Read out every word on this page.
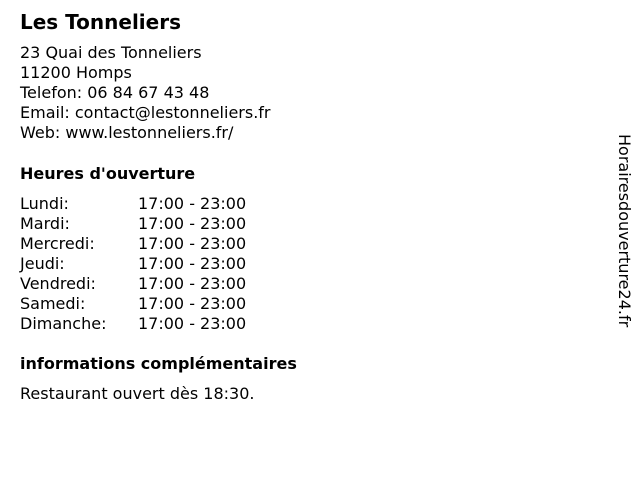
Les Tonneliers
23 Quai des Tonneliers
11200 Homps
Telefon: 06 84 67 43 48
Email: contact@lestonneliers.fr
Web: www.lestonneliers.fr/
Heures d'ouverture
Lundi:	17:00 - 23:00
Mardi:	17:00 - 23:00
Mercredi:	17:00 - 23:00
Jeudi:	17:00 - 23:00
Vendredi:	17:00 - 23:00
Samedi:	17:00 - 23:00
Dimanche:	17:00 - 23:00
informations complémentaires
Restaurant ouvert dès 18:30.
Horairesdouverture24.fr
